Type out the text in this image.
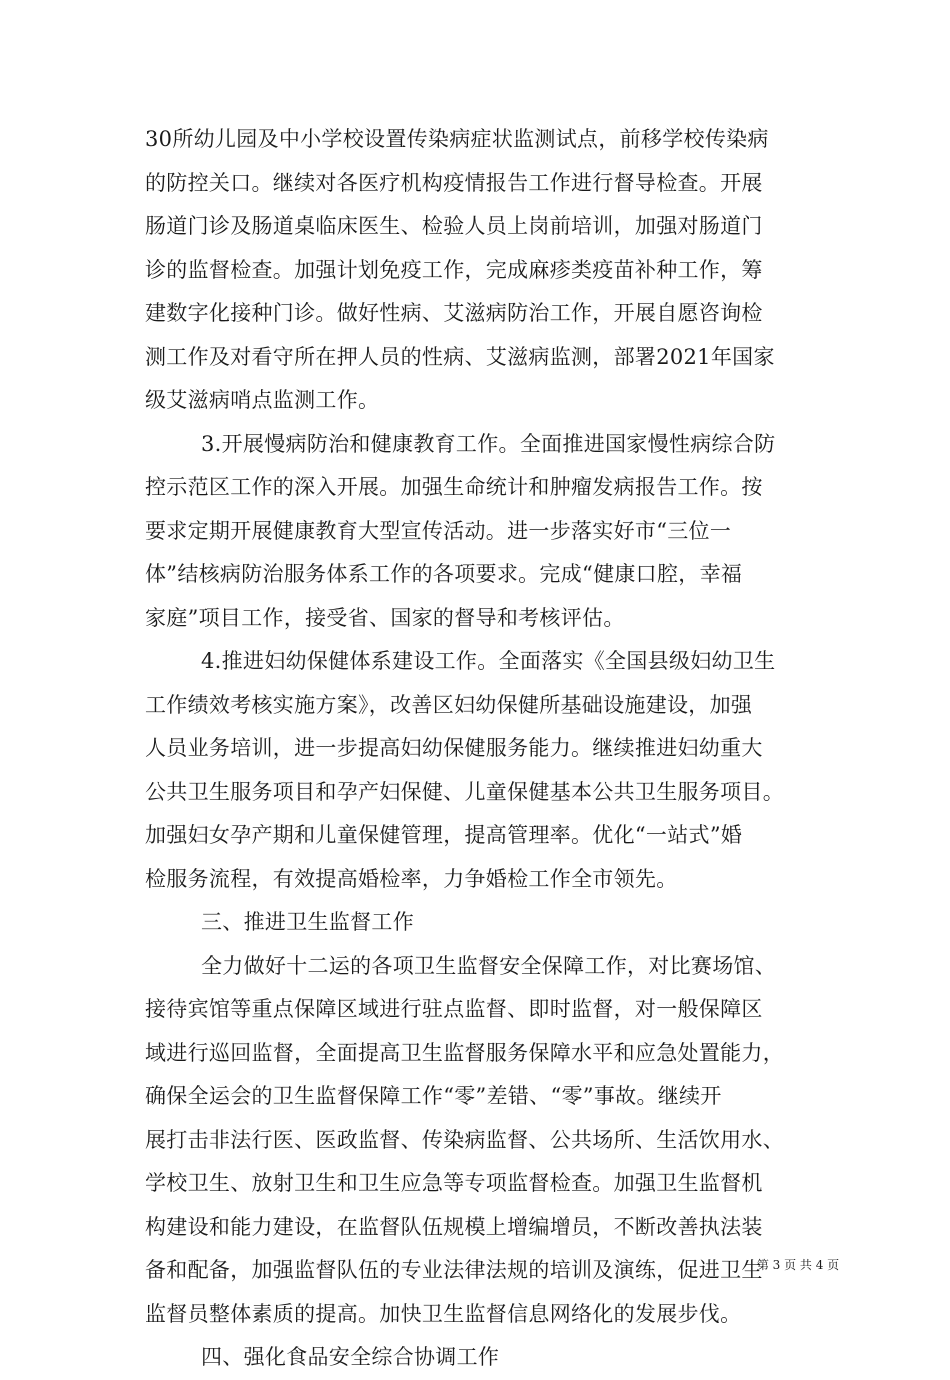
30所幼儿园及中小学校设置传染病症状监测试点，前移学校传染病
的防控关口。继续对各医疗机构疫情报告工作进行督导检查。开展
肠道门诊及肠道桌临床医生、检验人员上岗前培训，加强对肠道门
诊的监督检查。加强计划免疫工作，完成麻疹类疫苗补种工作，筹
建数字化接种门诊。做好性病、艾滋病防治工作，开展自愿咨询检
测工作及对看守所在押人员的性病、艾滋病监测，部署2021年国家
级艾滋病哨点监测工作。
3.开展慢病防治和健康教育工作。全面推进国家慢性病综合防
控示范区工作的深入开展。加强生命统计和肿瘤发病报告工作。按
要求定期开展健康教育大型宣传活动。进一步落实好市“三位一
体”结核病防治服务体系工作的各项要求。完成“健康口腔，幸福
家庭”项目工作，接受省、国家的督导和考核评估。
4.推进妇幼保健体系建设工作。全面落实《全国县级妇幼卫生
工作绩效考核实施方案》，改善区妇幼保健所基础设施建设，加强
人员业务培训，进一步提高妇幼保健服务能力。继续推进妇幼重大
公共卫生服务项目和孕产妇保健、儿童保健基本公共卫生服务项目。
加强妇女孕产期和儿童保健管理，提高管理率。优化“一站式”婚
检服务流程，有效提高婚检率，力争婚检工作全市领先。
三、推进卫生监督工作
全力做好十二运的各项卫生监督安全保障工作，对比赛场馆、
接待宾馆等重点保障区域进行驻点监督、即时监督，对一般保障区
域进行巡回监督，全面提高卫生监督服务保障水平和应急处置能力，
确保全运会的卫生监督保障工作“零”差错、“零”事故。继续开
展打击非法行医、医政监督、传染病监督、公共场所、生活饮用水、
学校卫生、放射卫生和卫生应急等专项监督检查。加强卫生监督机
构建设和能力建设，在监督队伍规模上增编增员，不断改善执法装
备和配备，加强监督队伍的专业法律法规的培训及演练，促进卫生
监督员整体素质的提高。加快卫生监督信息网络化的发展步伐。
四、强化食品安全综合协调工作
第 3 页 共 4 页
